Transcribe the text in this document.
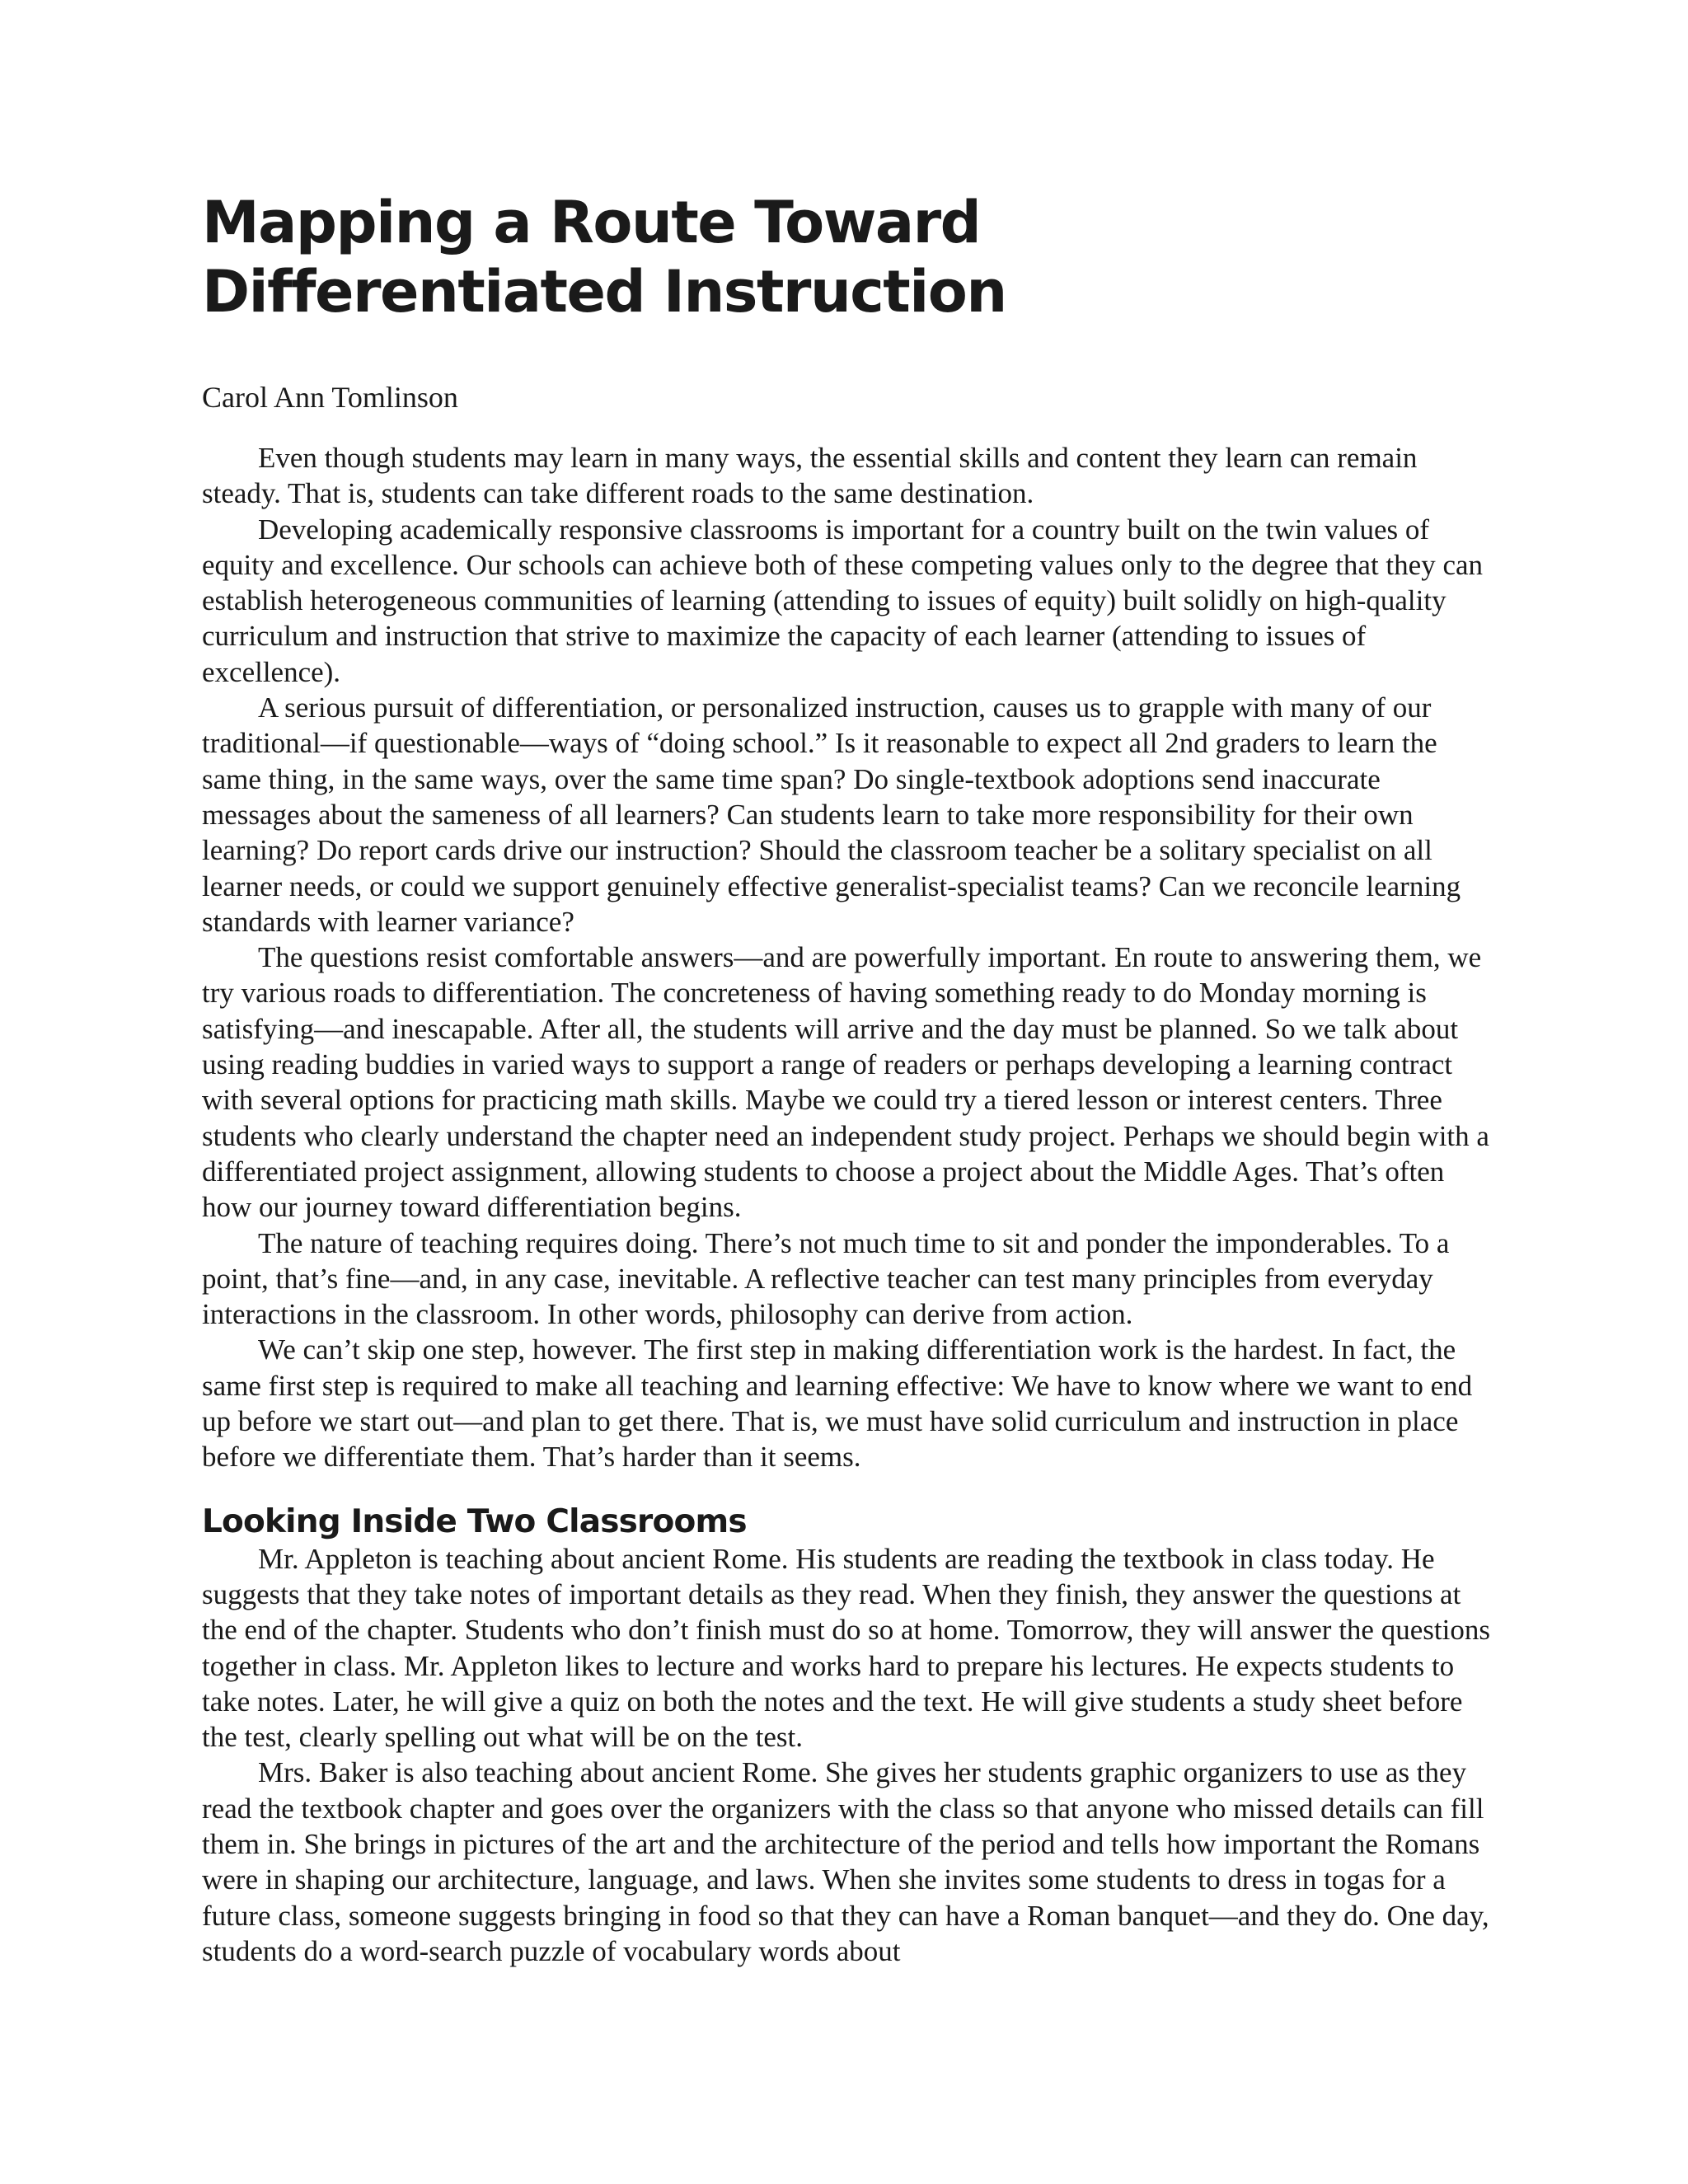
Mapping a Route Toward
Differentiated Instruction
Carol Ann Tomlinson

Even though students may learn in many ways, the essential skills and content they learn can remain steady. That is, students can take different roads to the same destination.

Developing academically responsive classrooms is important for a country built on the twin values of equity and excellence. Our schools can achieve both of these competing values only to the degree that they can establish heterogeneous communities of learning (attending to issues of equity) built solidly on high-quality curriculum and instruction that strive to maximize the capacity of each learner (attending to issues of excellence).

A serious pursuit of differentiation, or personalized instruction, causes us to grapple with many of our traditional—if questionable—ways of “doing school.” Is it reasonable to expect all 2nd graders to learn the same thing, in the same ways, over the same time span? Do single-textbook adoptions send inaccurate messages about the sameness of all learners? Can students learn to take more responsibility for their own learning? Do report cards drive our instruction? Should the classroom teacher be a solitary specialist on all learner needs, or could we support genuinely effective generalist-specialist teams? Can we reconcile learning standards with learner variance?

The questions resist comfortable answers—and are powerfully important. En route to answering them, we try various roads to differentiation. The concreteness of having something ready to do Monday morning is satisfying—and inescapable. After all, the students will arrive and the day must be planned. So we talk about using reading buddies in varied ways to support a range of readers or perhaps developing a learning contract with several options for practicing math skills. Maybe we could try a tiered lesson or interest centers. Three students who clearly understand the chapter need an independent study project. Perhaps we should begin with a differentiated project assignment, allowing students to choose a project about the Middle Ages. That’s often how our journey toward differentiation begins.

The nature of teaching requires doing. There’s not much time to sit and ponder the imponderables. To a point, that’s fine—and, in any case, inevitable. A reflective teacher can test many principles from everyday interactions in the classroom. In other words, philosophy can derive from action.

We can’t skip one step, however. The first step in making differentiation work is the hardest. In fact, the same first step is required to make all teaching and learning effective: We have to know where we want to end up before we start out—and plan to get there. That is, we must have solid curriculum and instruction in place before we differentiate them. That’s harder than it seems.

Looking Inside Two Classrooms

Mr. Appleton is teaching about ancient Rome. His students are reading the textbook in class today. He suggests that they take notes of important details as they read. When they finish, they answer the questions at the end of the chapter. Students who don’t finish must do so at home. Tomorrow, they will answer the questions together in class. Mr. Appleton likes to lecture and works hard to prepare his lectures. He expects students to take notes. Later, he will give a quiz on both the notes and the text. He will give students a study sheet before the test, clearly spelling out what will be on the test.

Mrs. Baker is also teaching about ancient Rome. She gives her students graphic organizers to use as they read the textbook chapter and goes over the organizers with the class so that anyone who missed details can fill them in. She brings in pictures of the art and the architecture of the period and tells how important the Romans were in shaping our architecture, language, and laws. When she invites some students to dress in togas for a future class, someone suggests bringing in food so that they can have a Roman banquet—and they do. One day, students do a word-search puzzle of vocabulary words about
